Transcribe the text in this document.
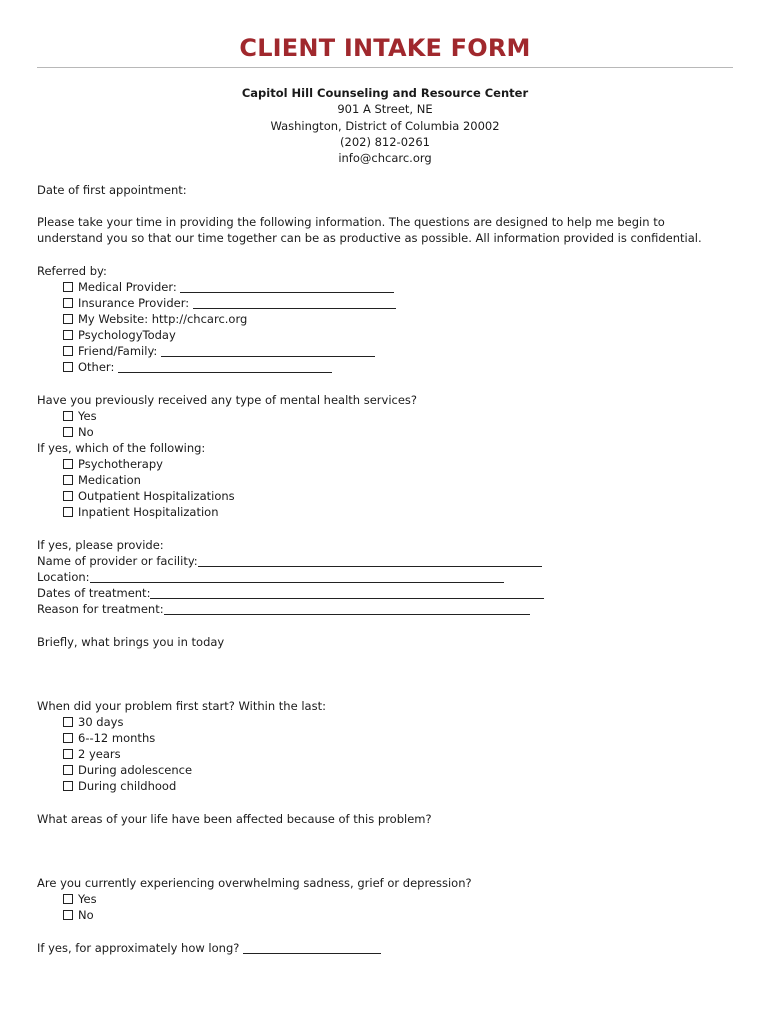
CLIENT INTAKE FORM
Capitol Hill Counseling and Resource Center
901 A Street, NE
Washington, District of Columbia 20002
(202) 812-0261
info@chcarc.org
Date of first appointment:
Please take your time in providing the following information. The questions are designed to help me begin to
understand you so that our time together can be as productive as possible. All information provided is confidential.
Referred by:
Medical Provider:
Insurance Provider:
My Website: http://chcarc.org
PsychologyToday
Friend/Family:
Other:
Have you previously received any type of mental health services?
Yes
No
If yes, which of the following:
Psychotherapy
Medication
Outpatient Hospitalizations
Inpatient Hospitalization
If yes, please provide:
Name of provider or facility:
Location:
Dates of treatment:
Reason for treatment:
Briefly, what brings you in today
When did your problem first start? Within the last:
30 days
6--12 months
2 years
During adolescence
During childhood
What areas of your life have been affected because of this problem?
Are you currently experiencing overwhelming sadness, grief or depression?
Yes
No
If yes, for approximately how long?
